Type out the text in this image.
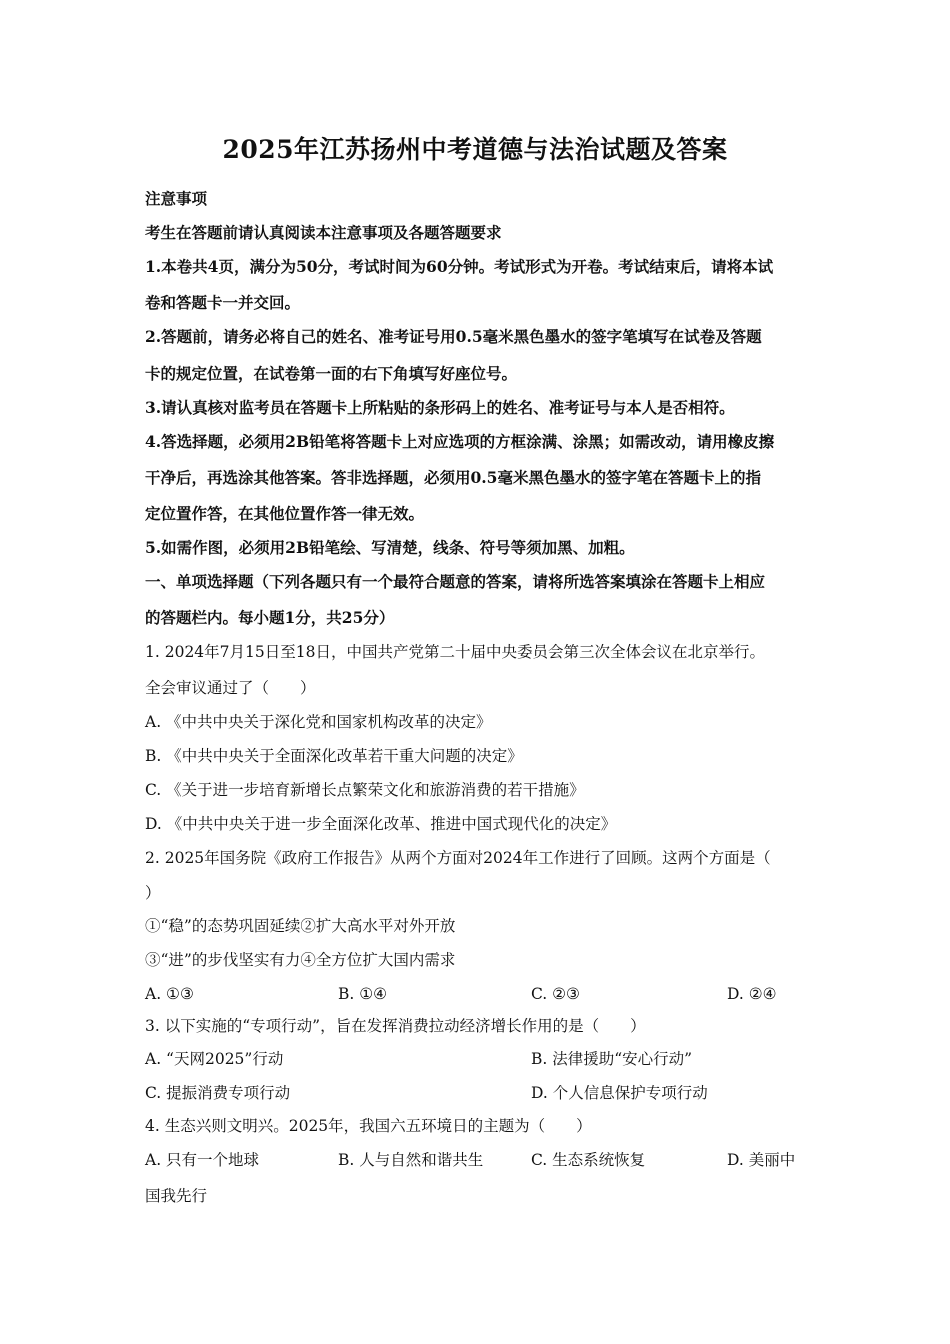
2025年江苏扬州中考道德与法治试题及答案
注意事项
考生在答题前请认真阅读本注意事项及各题答题要求
1.本卷共4页，满分为50分，考试时间为60分钟。考试形式为开卷。考试结束后，请将本试
卷和答题卡一并交回。
2.答题前，请务必将自己的姓名、准考证号用0.5毫米黑色墨水的签字笔填写在试卷及答题
卡的规定位置，在试卷第一面的右下角填写好座位号。
3.请认真核对监考员在答题卡上所粘贴的条形码上的姓名、准考证号与本人是否相符。
4.答选择题，必须用2B铅笔将答题卡上对应选项的方框涂满、涂黑；如需改动，请用橡皮擦
干净后，再选涂其他答案。答非选择题，必须用0.5毫米黑色墨水的签字笔在答题卡上的指
定位置作答，在其他位置作答一律无效。
5.如需作图，必须用2B铅笔绘、写清楚，线条、符号等须加黑、加粗。
一、单项选择题（下列各题只有一个最符合题意的答案，请将所选答案填涂在答题卡上相应
的答题栏内。每小题1分，共25分）
1. 2024年7月15日至18日，中国共产党第二十届中央委员会第三次全体会议在北京举行。
全会审议通过了（　　）
A. 《中共中央关于深化党和国家机构改革的决定》
B. 《中共中央关于全面深化改革若干重大问题的决定》
C. 《关于进一步培育新增长点繁荣文化和旅游消费的若干措施》
D. 《中共中央关于进一步全面深化改革、推进中国式现代化的决定》
2. 2025年国务院《政府工作报告》从两个方面对2024年工作进行了回顾。这两个方面是（
）
①“稳”的态势巩固延续②扩大高水平对外开放
③“进”的步伐坚实有力④全方位扩大国内需求
A. ①③	B. ①④	C. ②③	D. ②④
3. 以下实施的“专项行动”，旨在发挥消费拉动经济增长作用的是（　　）
A. “天网2025”行动	B. 法律援助“安心行动”
C. 提振消费专项行动	D. 个人信息保护专项行动
4. 生态兴则文明兴。2025年，我国六五环境日的主题为（　　）
A. 只有一个地球	B. 人与自然和谐共生	C. 生态系统恢复	D. 美丽中
国我先行
